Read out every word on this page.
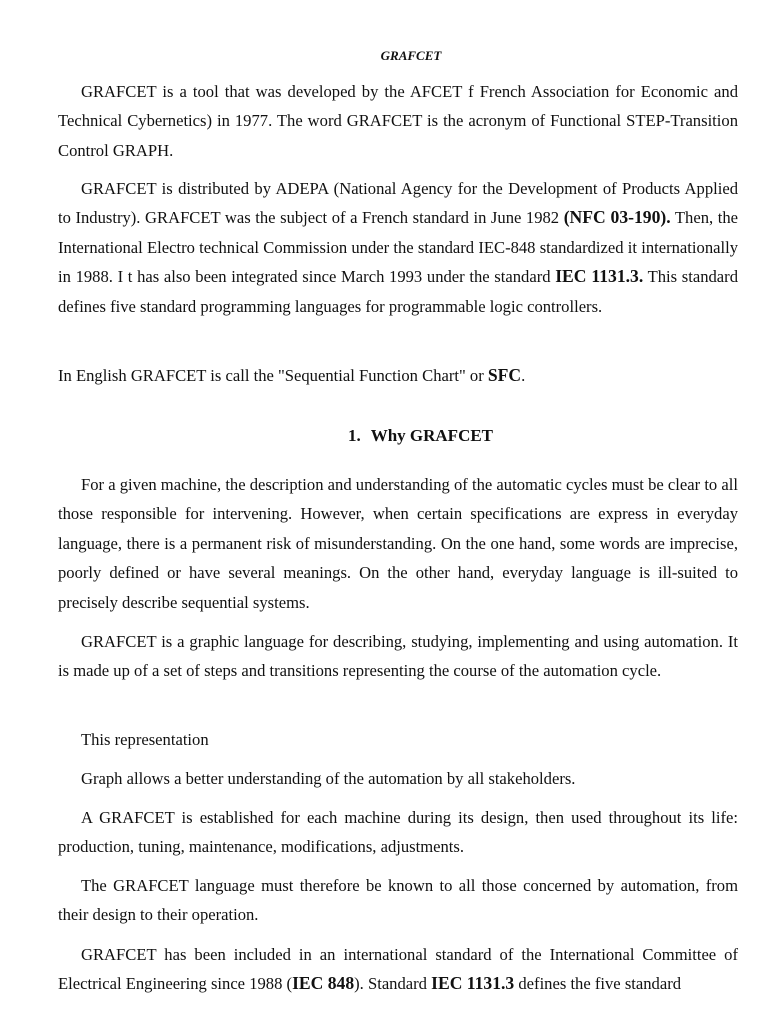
GRAFCET

GRAFCET is a tool that was developed by the AFCET f French Association for Economic and Technical Cybernetics) in 1977. The word GRAFCET is the acronym of Functional STEP-Transition Control GRAPH.

GRAFCET is distributed by ADEPA (National Agency for the Development of Products Applied to Industry). GRAFCET was the subject of a French standard in June 1982 (NFC 03-190). Then, the International Electro technical Commission under the standard IEC-848 standardized it internationally in 1988. I t has also been integrated since March 1993 under the standard IEC 1131.3. This standard defines five standard programming languages for programmable logic controllers.

In English GRAFCET is call the "Sequential Function Chart" or SFC.

1. Why GRAFCET

For a given machine, the description and understanding of the automatic cycles must be clear to all those responsible for intervening. However, when certain specifications are express in everyday language, there is a permanent risk of misunderstanding. On the one hand, some words are imprecise, poorly defined or have several meanings. On the other hand, everyday language is ill-suited to precisely describe sequential systems.

GRAFCET is a graphic language for describing, studying, implementing and using automation. It is made up of a set of steps and transitions representing the course of the automation cycle.

This representation

Graph allows a better understanding of the automation by all stakeholders.

A GRAFCET is established for each machine during its design, then used throughout its life: production, tuning, maintenance, modifications, adjustments.

The GRAFCET language must therefore be known to all those concerned by automation, from their design to their operation.

GRAFCET has been included in an international standard of the International Committee of Electrical Engineering since 1988 (IEC 848). Standard IEC 1131.3 defines the five standard
